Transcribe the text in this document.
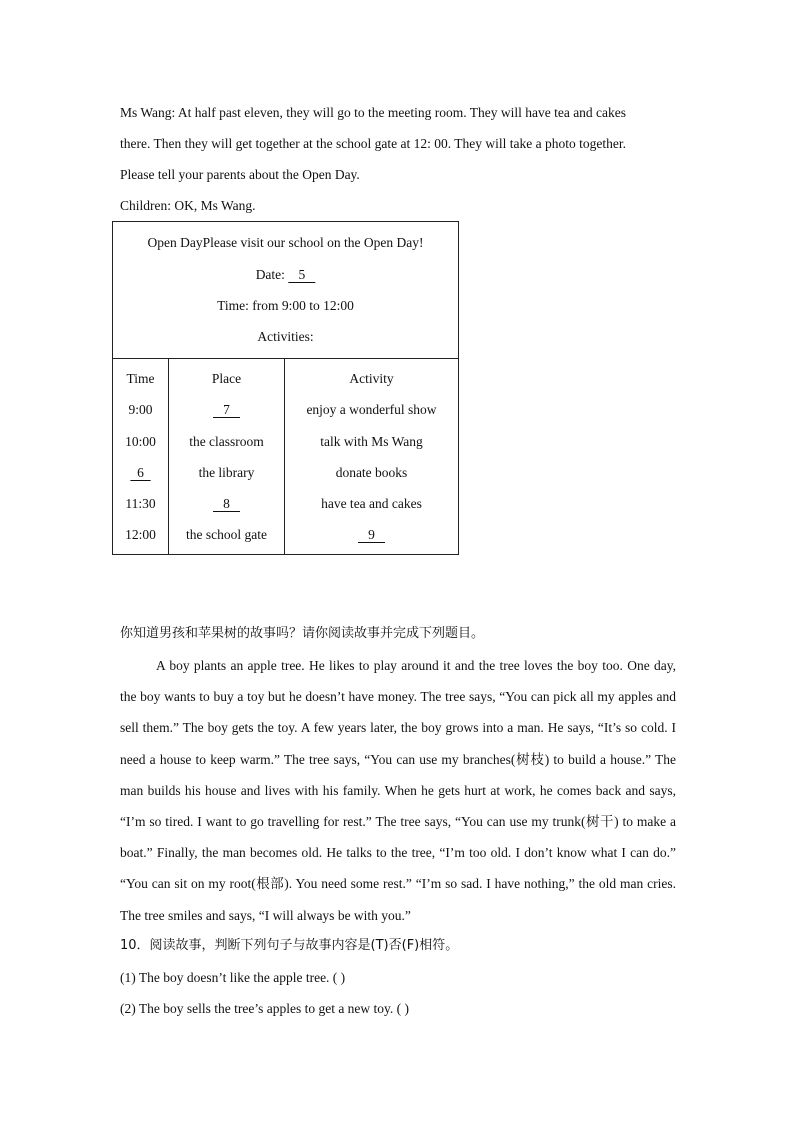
Ms Wang: At half past eleven, they will go to the meeting room. They will have tea and cakes
there. Then they will get together at the school gate at 12: 00. They will take a photo together.
Please tell your parents about the Open Day.
Children: OK, Ms Wang.
Open DayPlease visit our school on the Open Day!
Date:    5
Time: from 9:00 to 12:00
Activities:
Time	Place	Activity
9:00	7	enjoy a wonderful show
10:00	the classroom	talk with Ms Wang
6	the library	donate books
11:30	8	have tea and cakes
12:00	the school gate	9
你知道男孩和苹果树的故事吗？请你阅读故事并完成下列题目。
A boy plants an apple tree. He likes to play around it and the tree loves the boy too. One day, the boy wants to buy a toy but he doesn’t have money. The tree says, “You can pick all my apples and sell them.” The boy gets the toy. A few years later, the boy grows into a man. He says, “It’s so cold. I need a house to keep warm.” The tree says, “You can use my branches(树枝) to build a house.” The man builds his house and lives with his family. When he gets hurt at work, he comes back and says, “I’m so tired. I want to go travelling for rest.” The tree says, “You can use my trunk(树干) to make a boat.” Finally, the man becomes old. He talks to the tree, “I’m too old. I don’t know what I can do.” “You can sit on my root(根部). You need some rest.” “I’m so sad. I have nothing,” the old man cries. The tree smiles and says, “I will always be with you.”
10．阅读故事，判断下列句子与故事内容是(T)否(F)相符。
(1) The boy doesn’t like the apple tree. ( )
(2) The boy sells the tree’s apples to get a new toy. ( )
